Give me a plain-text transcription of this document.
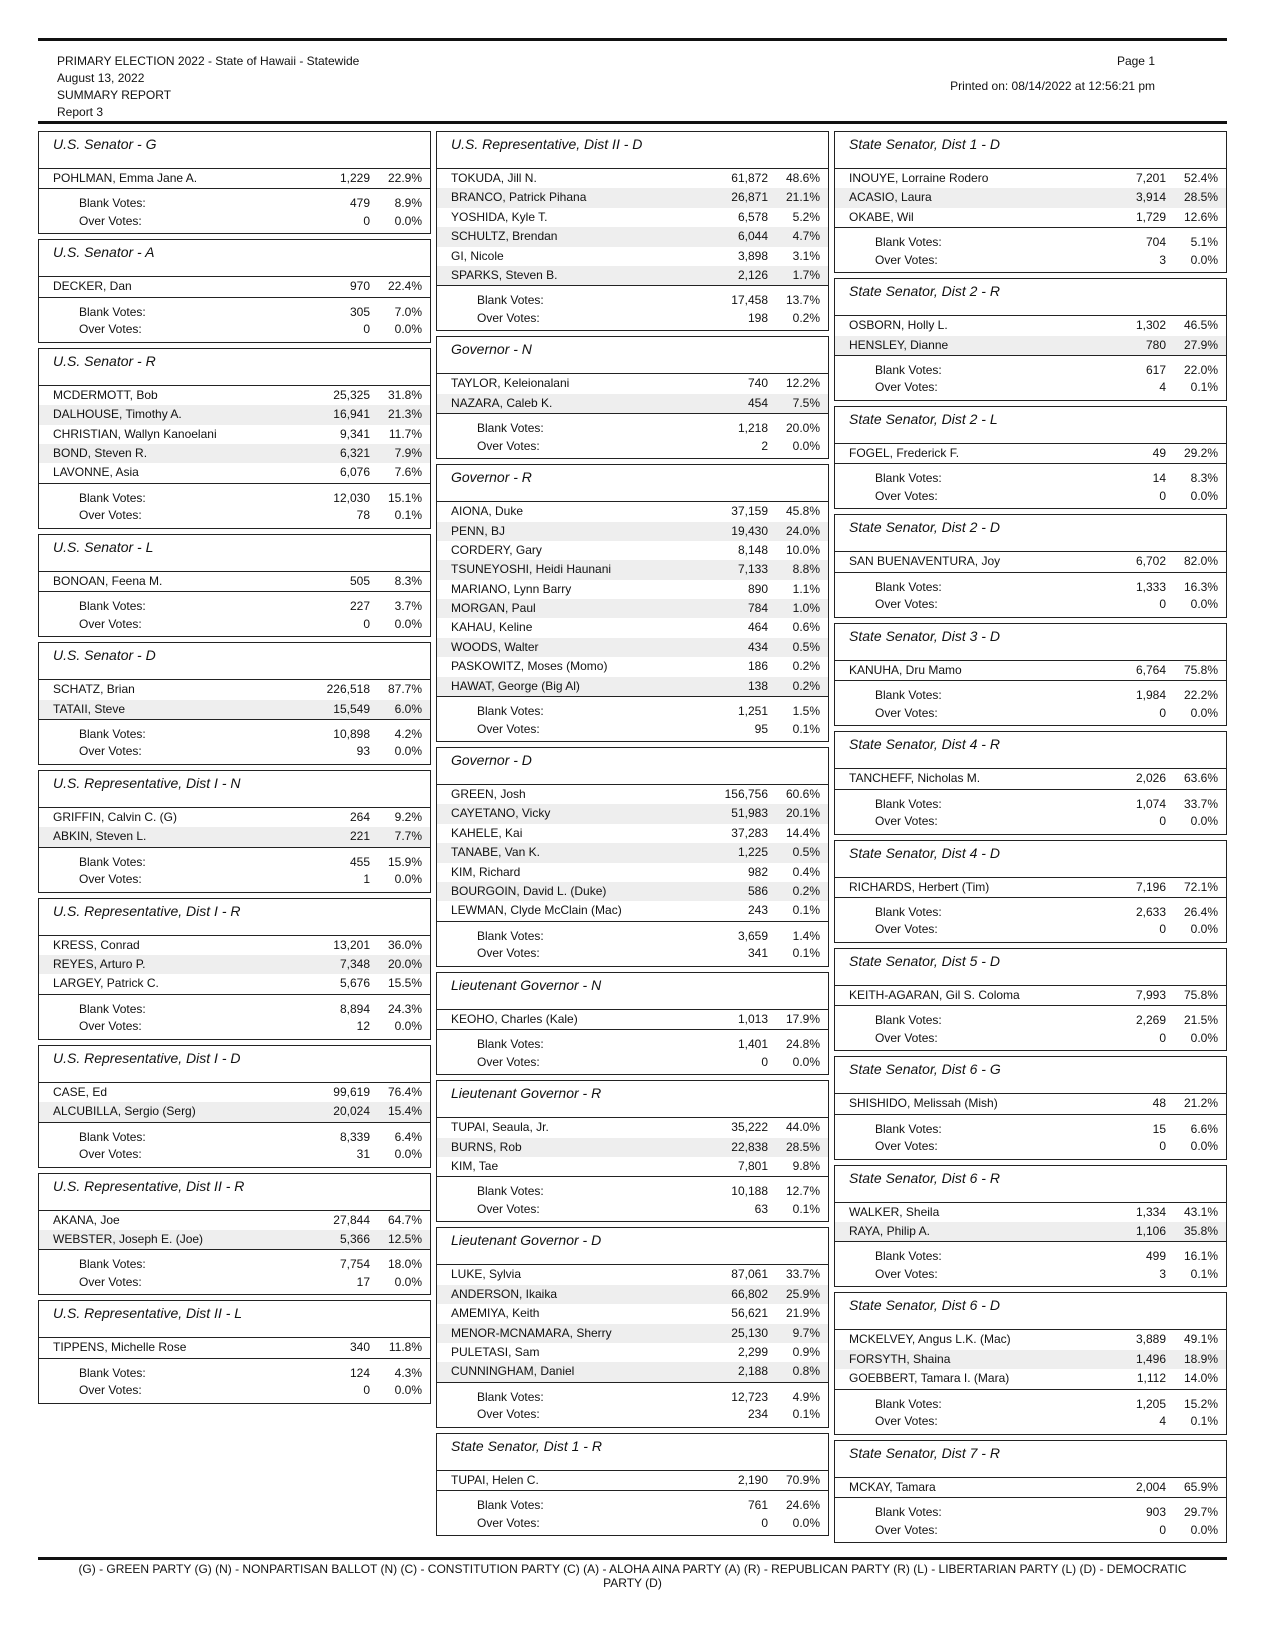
PRIMARY ELECTION 2022 - State of Hawaii - Statewide
August 13, 2022
SUMMARY REPORT
Report 3
Page 1
Printed on: 08/14/2022 at 12:56:21 pm
U.S. Senator - G
POHLMAN, Emma Jane A.	1,229	22.9%
Blank Votes:	479	8.9%
Over Votes:	0	0.0%
U.S. Senator - A
DECKER, Dan	970	22.4%
Blank Votes:	305	7.0%
Over Votes:	0	0.0%
U.S. Senator - R
MCDERMOTT, Bob	25,325	31.8%
DALHOUSE, Timothy A.	16,941	21.3%
CHRISTIAN, Wallyn Kanoelani	9,341	11.7%
BOND, Steven R.	6,321	7.9%
LAVONNE, Asia	6,076	7.6%
Blank Votes:	12,030	15.1%
Over Votes:	78	0.1%
U.S. Senator - L
BONOAN, Feena M.	505	8.3%
Blank Votes:	227	3.7%
Over Votes:	0	0.0%
U.S. Senator - D
SCHATZ, Brian	226,518	87.7%
TATAII, Steve	15,549	6.0%
Blank Votes:	10,898	4.2%
Over Votes:	93	0.0%
U.S. Representative, Dist I - N
GRIFFIN, Calvin C. (G)	264	9.2%
ABKIN, Steven L.	221	7.7%
Blank Votes:	455	15.9%
Over Votes:	1	0.0%
U.S. Representative, Dist I - R
KRESS, Conrad	13,201	36.0%
REYES, Arturo P.	7,348	20.0%
LARGEY, Patrick C.	5,676	15.5%
Blank Votes:	8,894	24.3%
Over Votes:	12	0.0%
U.S. Representative, Dist I - D
CASE, Ed	99,619	76.4%
ALCUBILLA, Sergio (Serg)	20,024	15.4%
Blank Votes:	8,339	6.4%
Over Votes:	31	0.0%
U.S. Representative, Dist II - R
AKANA, Joe	27,844	64.7%
WEBSTER, Joseph E. (Joe)	5,366	12.5%
Blank Votes:	7,754	18.0%
Over Votes:	17	0.0%
U.S. Representative, Dist II - L
TIPPENS, Michelle Rose	340	11.8%
Blank Votes:	124	4.3%
Over Votes:	0	0.0%
U.S. Representative, Dist II - D
TOKUDA, Jill N.	61,872	48.6%
BRANCO, Patrick Pihana	26,871	21.1%
YOSHIDA, Kyle T.	6,578	5.2%
SCHULTZ, Brendan	6,044	4.7%
GI, Nicole	3,898	3.1%
SPARKS, Steven B.	2,126	1.7%
Blank Votes:	17,458	13.7%
Over Votes:	198	0.2%
Governor - N
TAYLOR, Keleionalani	740	12.2%
NAZARA, Caleb K.	454	7.5%
Blank Votes:	1,218	20.0%
Over Votes:	2	0.0%
Governor - R
AIONA, Duke	37,159	45.8%
PENN, BJ	19,430	24.0%
CORDERY, Gary	8,148	10.0%
TSUNEYOSHI, Heidi Haunani	7,133	8.8%
MARIANO, Lynn Barry	890	1.1%
MORGAN, Paul	784	1.0%
KAHAU, Keline	464	0.6%
WOODS, Walter	434	0.5%
PASKOWITZ, Moses (Momo)	186	0.2%
HAWAT, George (Big Al)	138	0.2%
Blank Votes:	1,251	1.5%
Over Votes:	95	0.1%
Governor - D
GREEN, Josh	156,756	60.6%
CAYETANO, Vicky	51,983	20.1%
KAHELE, Kai	37,283	14.4%
TANABE, Van K.	1,225	0.5%
KIM, Richard	982	0.4%
BOURGOIN, David L. (Duke)	586	0.2%
LEWMAN, Clyde McClain (Mac)	243	0.1%
Blank Votes:	3,659	1.4%
Over Votes:	341	0.1%
Lieutenant Governor - N
KEOHO, Charles (Kale)	1,013	17.9%
Blank Votes:	1,401	24.8%
Over Votes:	0	0.0%
Lieutenant Governor - R
TUPAI, Seaula, Jr.	35,222	44.0%
BURNS, Rob	22,838	28.5%
KIM, Tae	7,801	9.8%
Blank Votes:	10,188	12.7%
Over Votes:	63	0.1%
Lieutenant Governor - D
LUKE, Sylvia	87,061	33.7%
ANDERSON, Ikaika	66,802	25.9%
AMEMIYA, Keith	56,621	21.9%
MENOR-MCNAMARA, Sherry	25,130	9.7%
PULETASI, Sam	2,299	0.9%
CUNNINGHAM, Daniel	2,188	0.8%
Blank Votes:	12,723	4.9%
Over Votes:	234	0.1%
State Senator, Dist 1 - R
TUPAI, Helen C.	2,190	70.9%
Blank Votes:	761	24.6%
Over Votes:	0	0.0%
State Senator, Dist 1 - D
INOUYE, Lorraine Rodero	7,201	52.4%
ACASIO, Laura	3,914	28.5%
OKABE, Wil	1,729	12.6%
Blank Votes:	704	5.1%
Over Votes:	3	0.0%
State Senator, Dist 2 - R
OSBORN, Holly L.	1,302	46.5%
HENSLEY, Dianne	780	27.9%
Blank Votes:	617	22.0%
Over Votes:	4	0.1%
State Senator, Dist 2 - L
FOGEL, Frederick F.	49	29.2%
Blank Votes:	14	8.3%
Over Votes:	0	0.0%
State Senator, Dist 2 - D
SAN BUENAVENTURA, Joy	6,702	82.0%
Blank Votes:	1,333	16.3%
Over Votes:	0	0.0%
State Senator, Dist 3 - D
KANUHA, Dru Mamo	6,764	75.8%
Blank Votes:	1,984	22.2%
Over Votes:	0	0.0%
State Senator, Dist 4 - R
TANCHEFF, Nicholas M.	2,026	63.6%
Blank Votes:	1,074	33.7%
Over Votes:	0	0.0%
State Senator, Dist 4 - D
RICHARDS, Herbert (Tim)	7,196	72.1%
Blank Votes:	2,633	26.4%
Over Votes:	0	0.0%
State Senator, Dist 5 - D
KEITH-AGARAN, Gil S. Coloma	7,993	75.8%
Blank Votes:	2,269	21.5%
Over Votes:	0	0.0%
State Senator, Dist 6 - G
SHISHIDO, Melissah (Mish)	48	21.2%
Blank Votes:	15	6.6%
Over Votes:	0	0.0%
State Senator, Dist 6 - R
WALKER, Sheila	1,334	43.1%
RAYA, Philip A.	1,106	35.8%
Blank Votes:	499	16.1%
Over Votes:	3	0.1%
State Senator, Dist 6 - D
MCKELVEY, Angus L.K. (Mac)	3,889	49.1%
FORSYTH, Shaina	1,496	18.9%
GOEBBERT, Tamara I. (Mara)	1,112	14.0%
Blank Votes:	1,205	15.2%
Over Votes:	4	0.1%
State Senator, Dist 7 - R
MCKAY, Tamara	2,004	65.9%
Blank Votes:	903	29.7%
Over Votes:	0	0.0%
(G) - GREEN PARTY (G) (N) - NONPARTISAN BALLOT (N) (C) - CONSTITUTION PARTY (C) (A) - ALOHA AINA PARTY (A) (R) - REPUBLICAN PARTY (R) (L) - LIBERTARIAN PARTY (L) (D) - DEMOCRATIC PARTY (D)
